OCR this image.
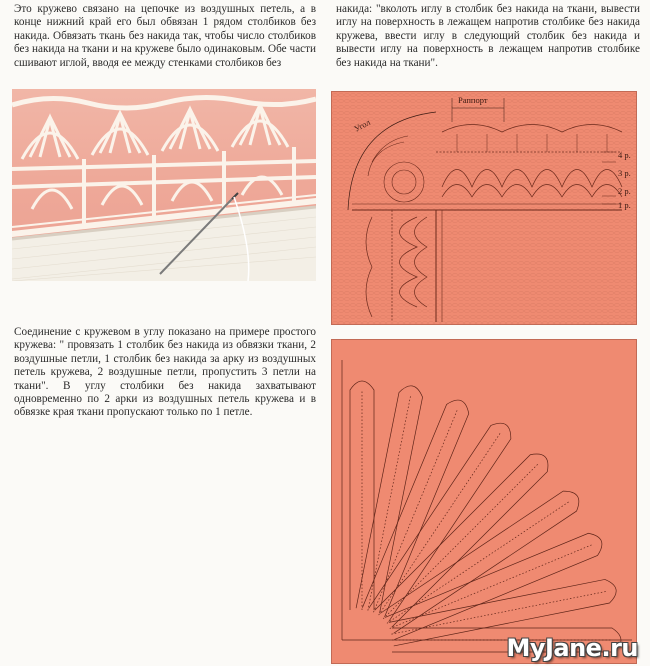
Это кружево связано на цепочке из воздушных петель, а в конце нижний край его был обвязан 1 рядом столбиков без накида. Обвязать ткань без накида так, чтобы число столбиков без накида на ткани и на кружеве было одинаковым. Обе части сшивают иглой, вводя ее между стенками столбиков без

накида: "вколоть иглу в столбик без накида на ткани, вывести иглу на поверхность в лежащем напротив столбике без накида кружева, ввести иглу в следующий столбик без накида и вывести иглу на поверхность в лежащем напротив столбике без накида на ткани".

Соединение с кружевом в углу показано на примере простого кружева: " провязать 1 столбик без накида из обвязки ткани, 2 воздушные петли, 1 столбик без накида за арку из воздушных петель кружева, 2 воздушные петли, пропустить 3 петли на ткани". В углу столбики без накида захватывают одновременно по 2 арки из воздушных петель кружева и в обвязке края ткани пропускают только по 1 петле.

4 р.
3 р.
2 р.
1 р.
Раппорт
Угол
MyJane.ru
